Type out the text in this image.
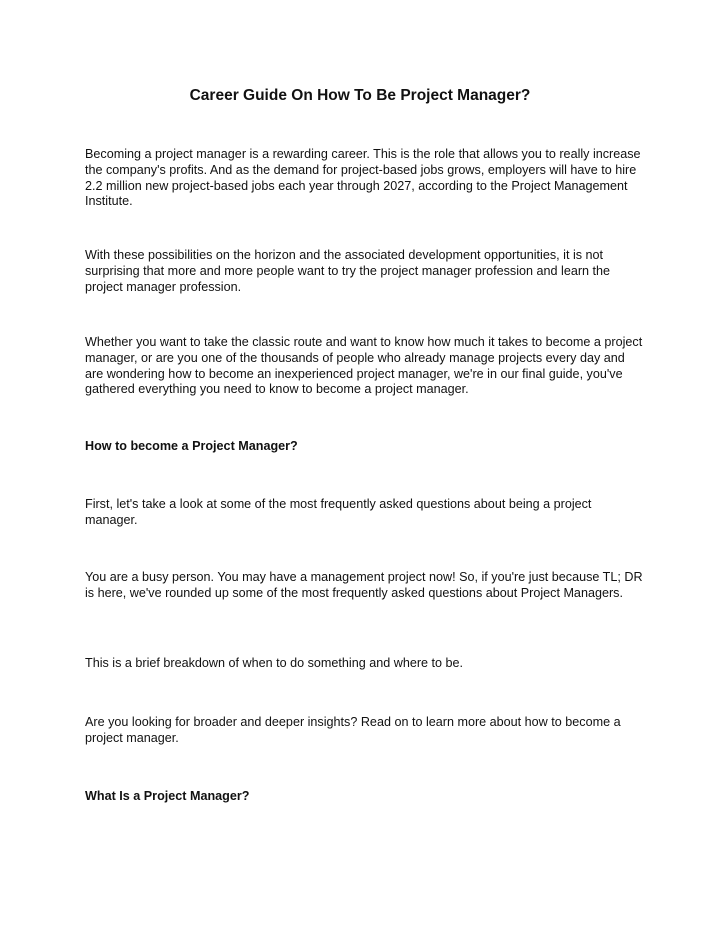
Career Guide On How To Be Project Manager?

Becoming a project manager is a rewarding career. This is the role that allows you to really increase the company's profits. And as the demand for project-based jobs grows, employers will have to hire 2.2 million new project-based jobs each year through 2027, according to the Project Management Institute.

With these possibilities on the horizon and the associated development opportunities, it is not surprising that more and more people want to try the project manager profession and learn the project manager profession.

Whether you want to take the classic route and want to know how much it takes to become a project manager, or are you one of the thousands of people who already manage projects every day and are wondering how to become an inexperienced project manager, we're in our final guide, you've gathered everything you need to know to become a project manager.

How to become a Project Manager?

First, let's take a look at some of the most frequently asked questions about being a project manager.

You are a busy person. You may have a management project now! So, if you're just because TL; DR is here, we've rounded up some of the most frequently asked questions about Project Managers.

This is a brief breakdown of when to do something and where to be.

Are you looking for broader and deeper insights? Read on to learn more about how to become a project manager.

What Is a Project Manager?
